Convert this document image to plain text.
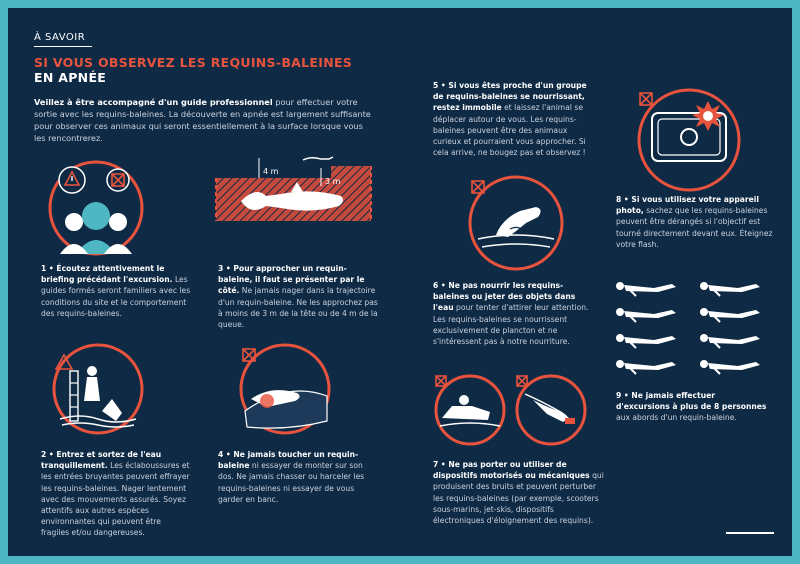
À SAVOIR
SI VOUS OBSERVEZ LES REQUINS-BALEINES
EN APNÉE
Veillez à être accompagné d'un guide professionnel pour effectuer votre sortie avec les requins-baleines. La découverte en apnée est largement suffisante pour observer ces animaux qui seront essentiellement à la surface lorsque vous les rencontrerez.
4 m
3 m
1 • Écoutez attentivement le briefing précédant l'excursion. Les guides formés seront familiers avec les conditions du site et le comportement des requins-baleines.
3 • Pour approcher un requin-baleine, il faut se présenter par le côté. Ne jamais nager dans la trajectoire d'un requin-baleine. Ne les approchez pas à moins de 3 m de la tête ou de 4 m de la queue.
2 • Entrez et sortez de l'eau tranquillement. Les éclaboussures et les entrées bruyantes peuvent effrayer les requins-baleines. Nager lentement avec des mouvements assurés. Soyez attentifs aux autres espèces environnantes qui peuvent être fragiles et/ou dangereuses.
4 • Ne jamais toucher un requin-baleine ni essayer de monter sur son dos. Ne jamais chasser ou harceler les requins-baleines ni essayer de vous garder en banc.
5 • Si vous êtes proche d'un groupe de requins-baleines se nourrissant, restez immobile et laissez l'animal se déplacer autour de vous. Les requins-baleines peuvent être des animaux curieux et pourraient vous approcher. Si cela arrive, ne bougez pas et observez !
6 • Ne pas nourrir les requins-baleines ou jeter des objets dans l'eau pour tenter d'attirer leur attention. Les requins-baleines se nourrissent exclusivement de plancton et ne s'intéressent pas à notre nourriture.
7 • Ne pas porter ou utiliser de dispositifs motorisés ou mécaniques qui produisent des bruits et peuvent perturber les requins-baleines (par exemple, scooters sous-marins, jet-skis, dispositifs électroniques d'éloignement des requins).
8 • Si vous utilisez votre appareil photo, sachez que les requins-baleines peuvent être dérangés si l'objectif est tourné directement devant eux. Éteignez votre flash.
9 • Ne jamais effectuer d'excursions à plus de 8 personnes aux abords d'un requin-baleine.
